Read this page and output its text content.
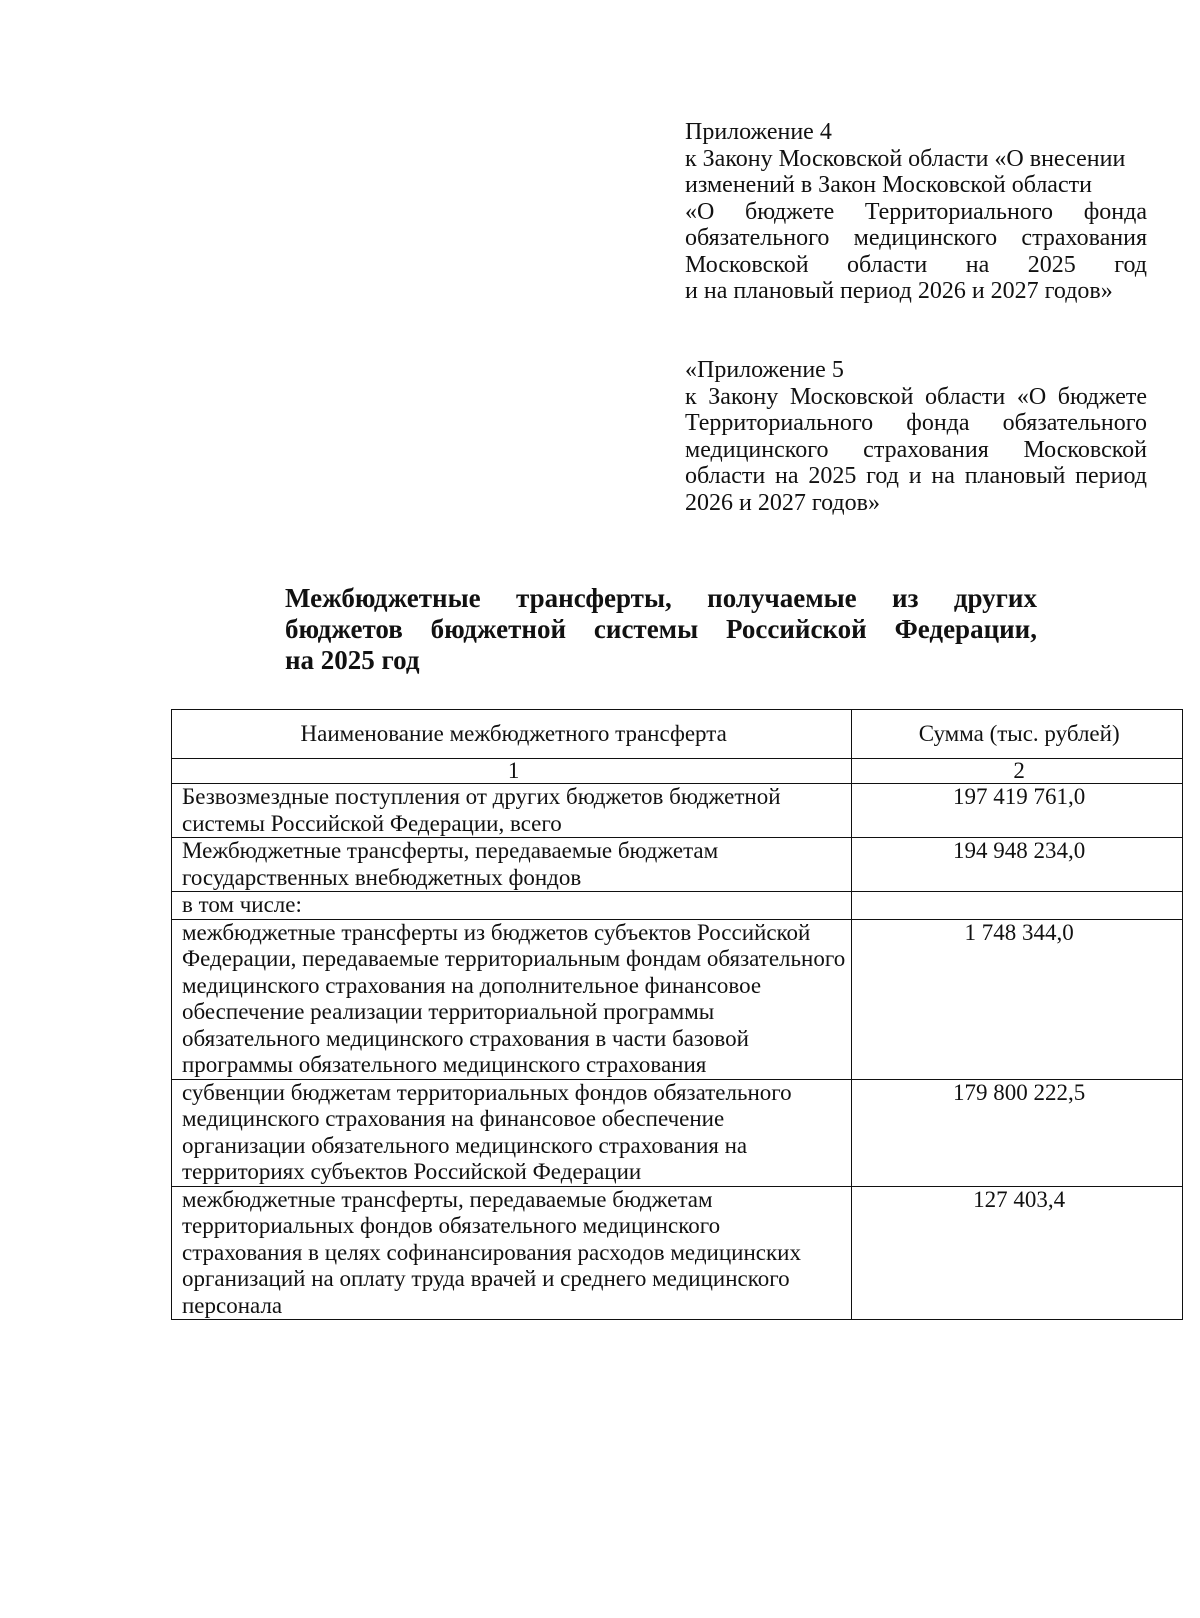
Приложение 4

к Закону Московской области «О внесении

изменений в Закон Московской области

«О бюджете Территориального фонда

обязательного медицинского страхования

Московской области на 2025 год

и на плановый период 2026 и 2027 годов»

«Приложение 5

к Закону Московской области «О бюджете

Территориального фонда обязательного

медицинского страхования Московской

области на 2025 год и на плановый период

2026 и 2027 годов»

Межбюджетные трансферты, получаемые из других
бюджетов бюджетной системы Российской Федерации,
на 2025 год
Наименование межбюджетного трансферта	Сумма (тыс. рублей)
1	2
Безвозмездные поступления от других бюджетов бюджетной системы Российской Федерации, всего	197 419 761,0
Межбюджетные трансферты, передаваемые бюджетам государственных внебюджетных фондов	194 948 234,0
в том числе:	
межбюджетные трансферты из бюджетов субъектов Российской Федерации, передаваемые территориальным фондам обязательного медицинского страхования на дополнительное финансовое обеспечение реализации территориальной программы обязательного медицинского страхования в части базовой программы обязательного медицинского страхования	1 748 344,0
субвенции бюджетам территориальных фондов обязательного медицинского страхования на финансовое обеспечение организации обязательного медицинского страхования на территориях субъектов Российской Федерации	179 800 222,5
межбюджетные трансферты, передаваемые бюджетам территориальных фондов обязательного медицинского страхования в целях софинансирования расходов медицинских организаций на оплату труда врачей и среднего медицинского персонала	127 403,4
